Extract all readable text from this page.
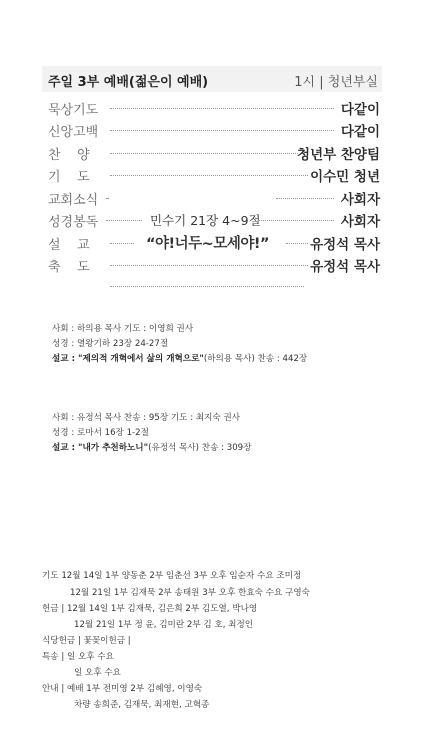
주일 3부 예배(젊은이 예배)	1시 | 청년부실
묵상기도	다같이
신앙고백	다같이
찬    양	청년부 찬양팀
기    도	이수민 청년
교회소식	사회자
성경봉독	민수기 21장 4~9절	사회자
설    교	“야!너두~모세야!”	유정석 목사
축    도	유정석 목사
사회 : 하의용 목사 기도 : 이영희 권사
성경 : 열왕기하 23장 24-27절
설교 : "제의적 개혁에서 삶의 개혁으로"(하의용 목사) 찬송 : 442장
사회 : 유정석 목사 찬송 : 95장 기도 : 최지숙 권사
성경 : 로마서 16장 1-2절
설교 : "내가 추천하노니"(유정석 목사) 찬송 : 309장
기도 12월 14일 1부 양동춘 2부 임춘선 3부 오후 임순자 수요 조미정
12월 21일 1부 김재묵 2부 송태원 3부 오후 한효숙 수요 구영숙
헌금 | 12월 14일 1부 김재묵, 김은희 2부 김도열, 박나영
12월 21일 1부 정 윤, 김미란 2부 김 호, 최정인
식당헌금 | 꽃꽂이헌금 |
특송 | 일 오후 수요
일 오후 수요
안내 | 예배 1부 전미영 2부 김혜영, 이영숙
차량 송희준, 김재묵, 최재현, 고혁종
